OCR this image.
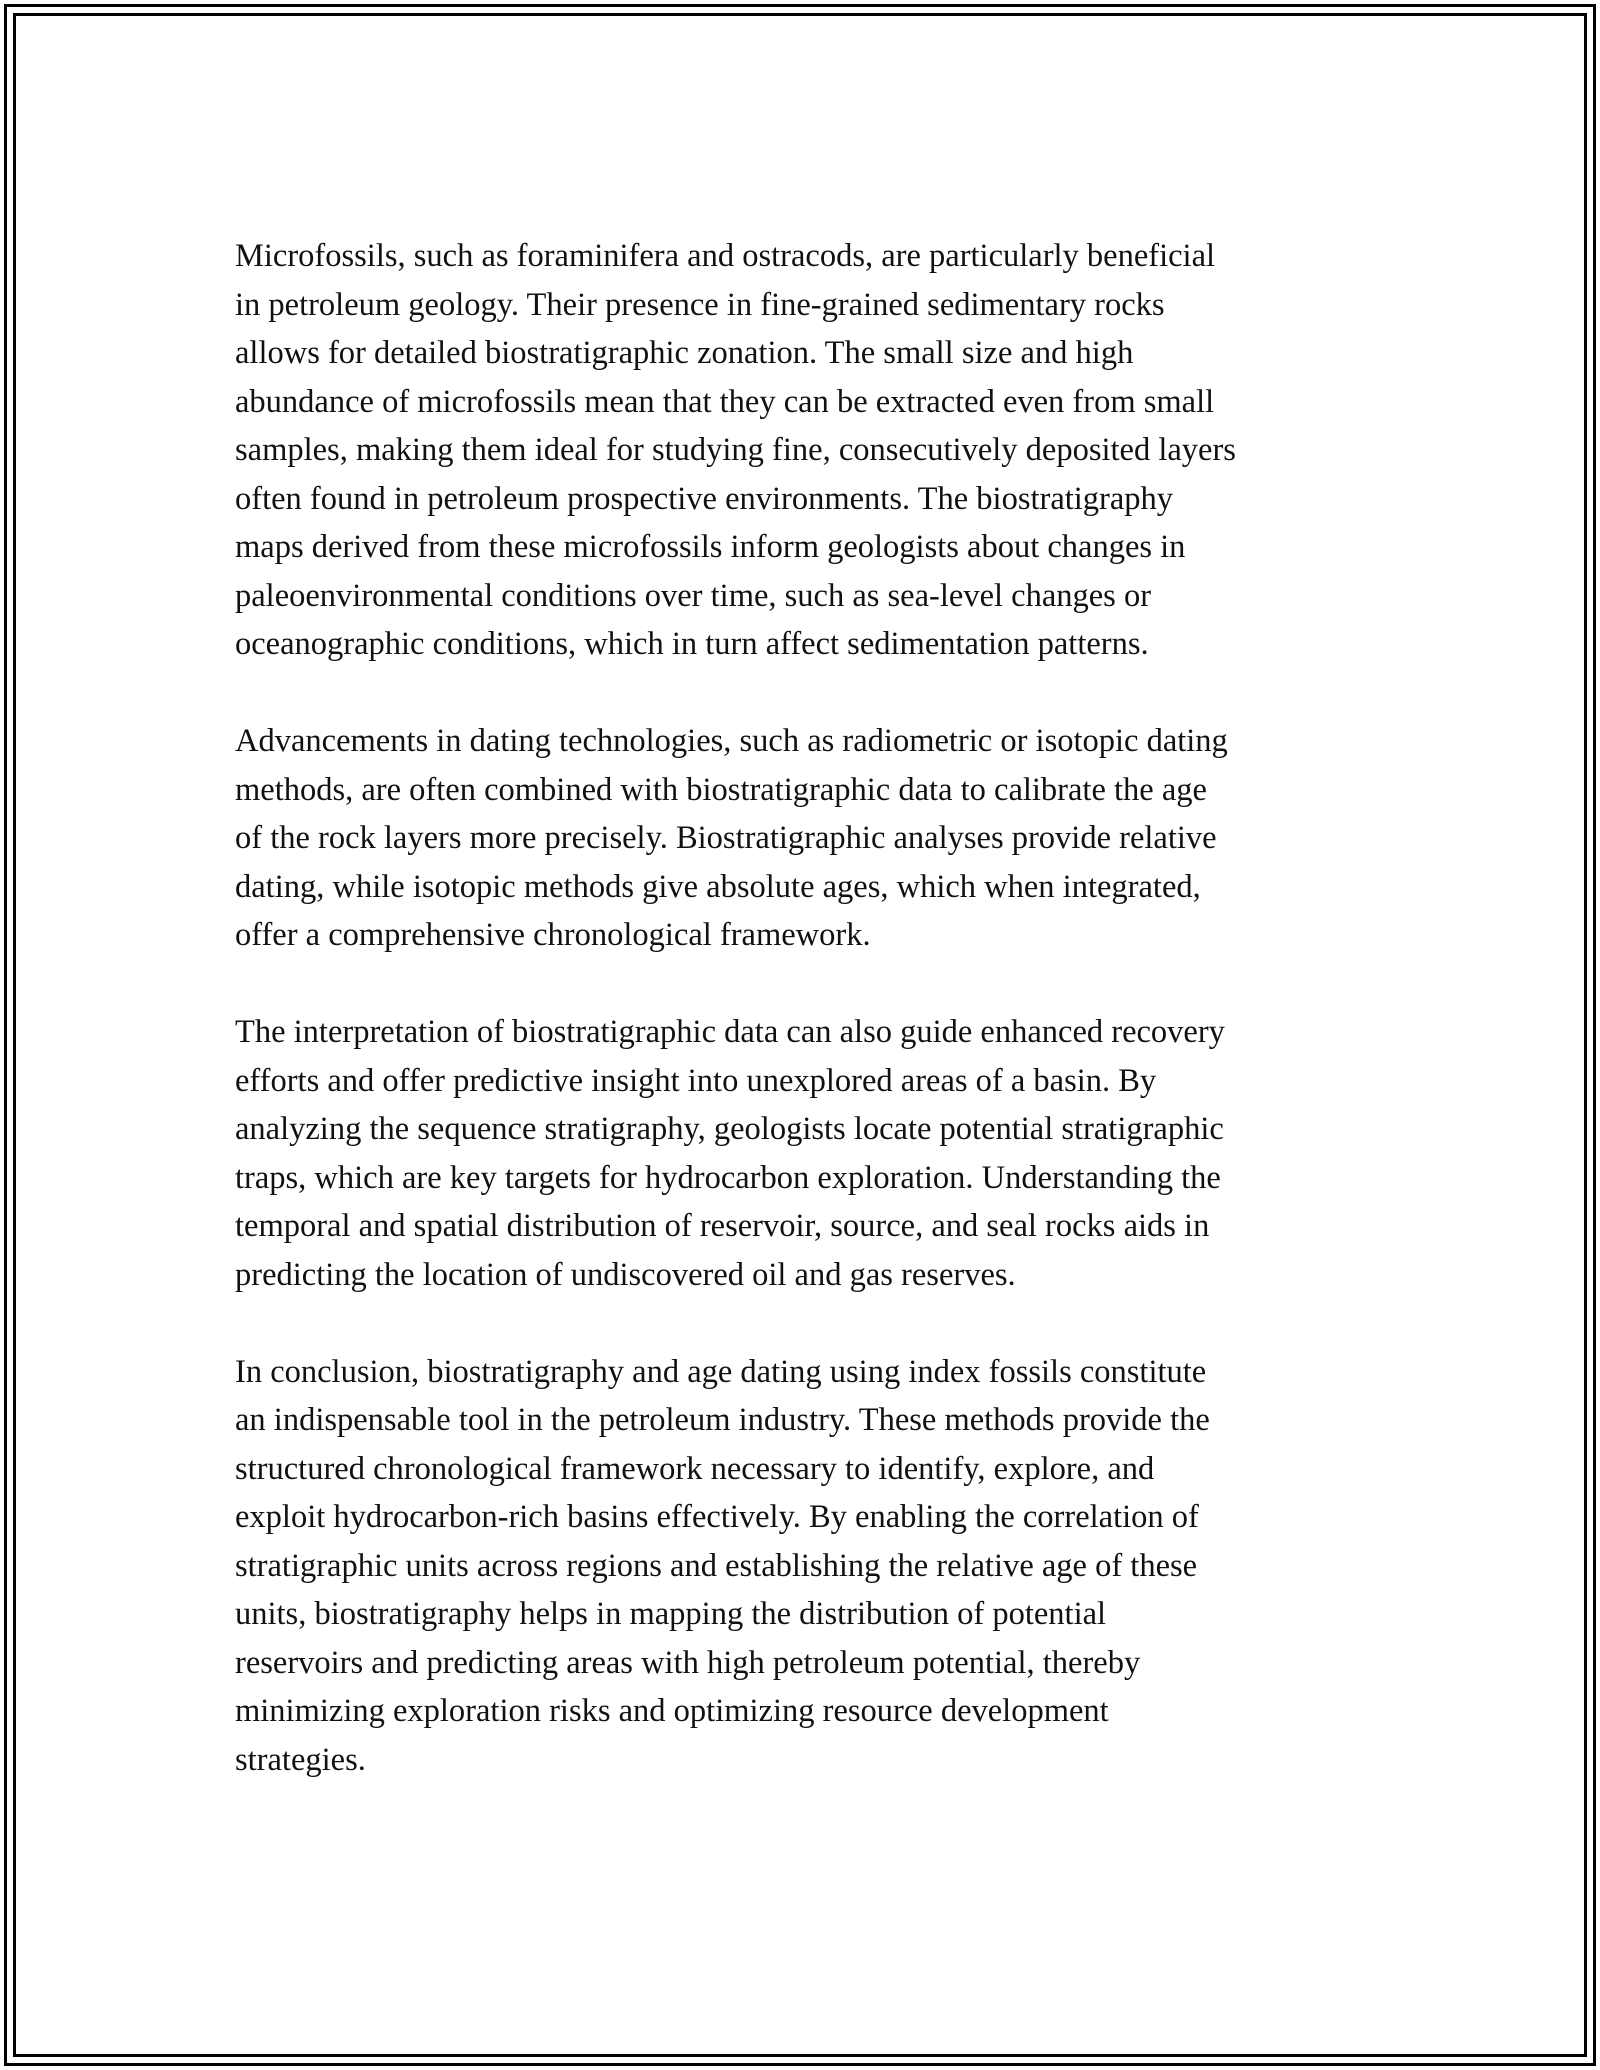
Microfossils, such as foraminifera and ostracods, are particularly beneficial
in petroleum geology. Their presence in fine-grained sedimentary rocks
allows for detailed biostratigraphic zonation. The small size and high
abundance of microfossils mean that they can be extracted even from small
samples, making them ideal for studying fine, consecutively deposited layers
often found in petroleum prospective environments. The biostratigraphy
maps derived from these microfossils inform geologists about changes in
paleoenvironmental conditions over time, such as sea-level changes or
oceanographic conditions, which in turn affect sedimentation patterns.

Advancements in dating technologies, such as radiometric or isotopic dating
methods, are often combined with biostratigraphic data to calibrate the age
of the rock layers more precisely. Biostratigraphic analyses provide relative
dating, while isotopic methods give absolute ages, which when integrated,
offer a comprehensive chronological framework.

The interpretation of biostratigraphic data can also guide enhanced recovery
efforts and offer predictive insight into unexplored areas of a basin. By
analyzing the sequence stratigraphy, geologists locate potential stratigraphic
traps, which are key targets for hydrocarbon exploration. Understanding the
temporal and spatial distribution of reservoir, source, and seal rocks aids in
predicting the location of undiscovered oil and gas reserves.

In conclusion, biostratigraphy and age dating using index fossils constitute
an indispensable tool in the petroleum industry. These methods provide the
structured chronological framework necessary to identify, explore, and
exploit hydrocarbon-rich basins effectively. By enabling the correlation of
stratigraphic units across regions and establishing the relative age of these
units, biostratigraphy helps in mapping the distribution of potential
reservoirs and predicting areas with high petroleum potential, thereby
minimizing exploration risks and optimizing resource development
strategies.
